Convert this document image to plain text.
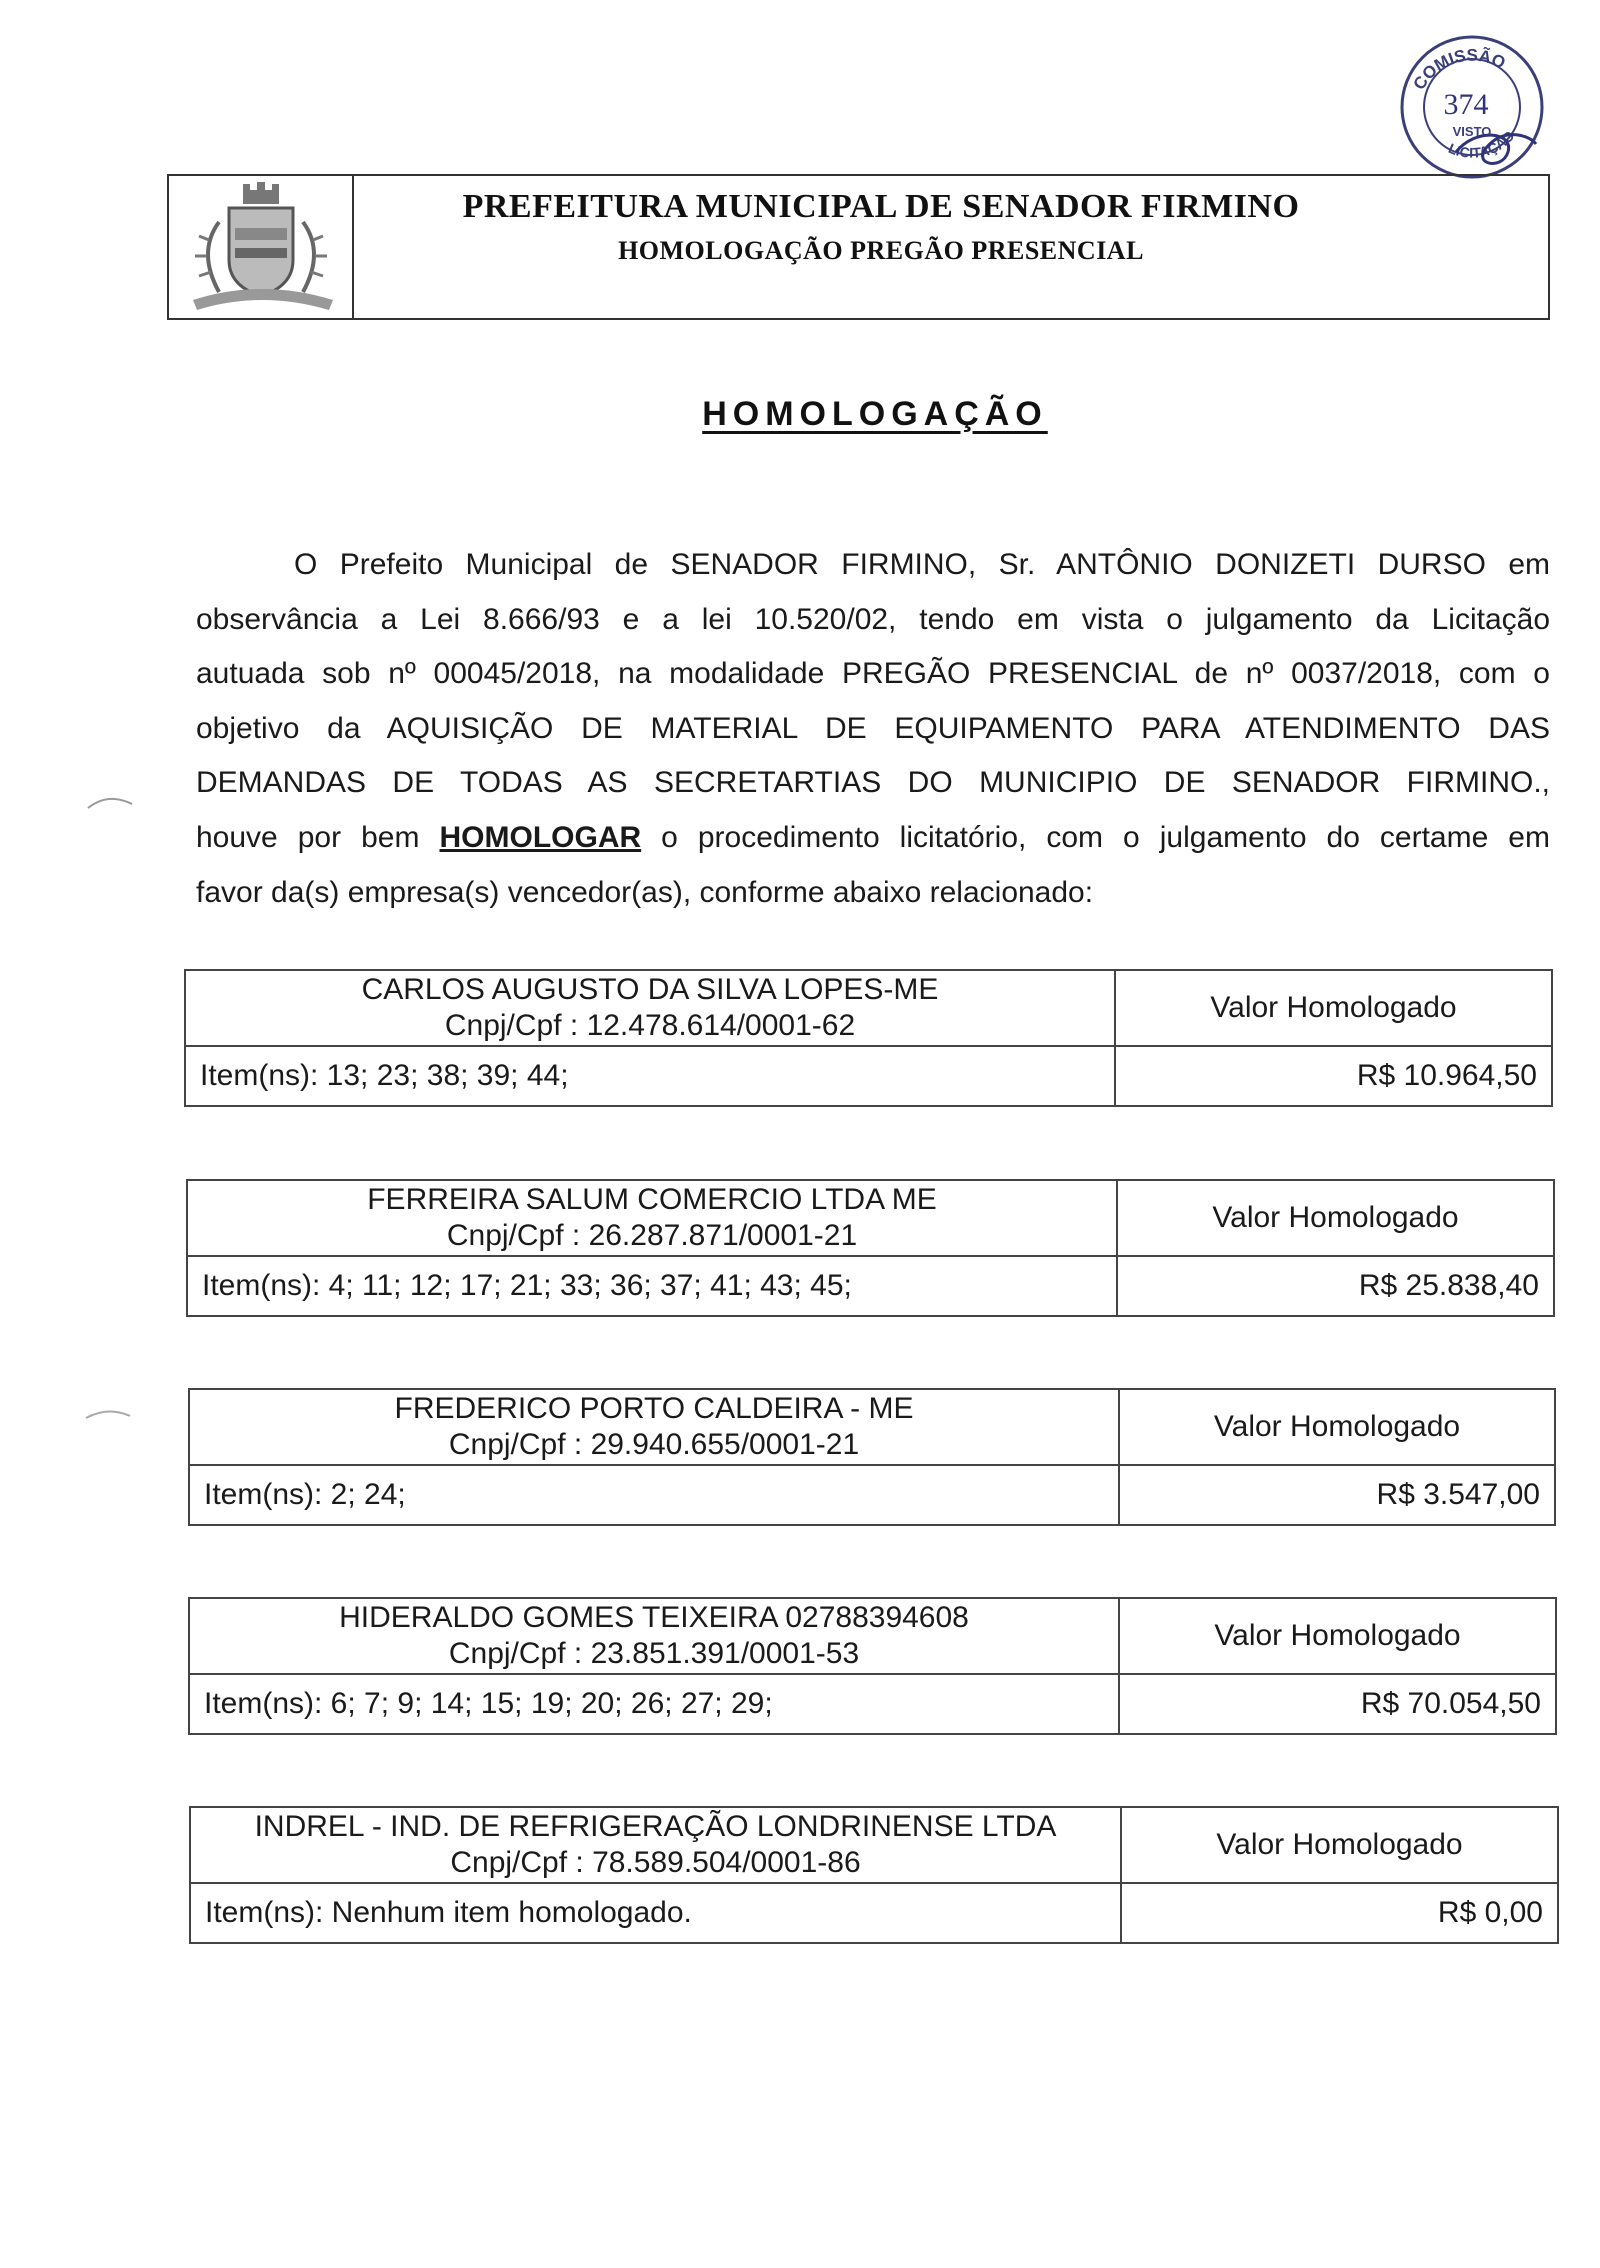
COMISSÃO
LICITAÇÃO
374
VISTO
PREFEITURA MUNICIPAL DE SENADOR FIRMINO
HOMOLOGAÇÃO PREGÃO PRESENCIAL
HOMOLOGAÇÃO
O Prefeito Municipal de SENADOR FIRMINO, Sr. ANTÔNIO DONIZETI DURSO em
observância a Lei 8.666/93 e a lei 10.520/02, tendo em vista o julgamento da Licitação
autuada sob nº 00045/2018, na modalidade PREGÃO PRESENCIAL de nº 0037/2018, com o
objetivo da AQUISIÇÃO DE MATERIAL DE EQUIPAMENTO PARA ATENDIMENTO DAS
DEMANDAS DE TODAS AS SECRETARTIAS DO MUNICIPIO DE SENADOR FIRMINO.,
houve por bem HOMOLOGAR o procedimento licitatório, com o julgamento do certame em
favor da(s) empresa(s) vencedor(as), conforme abaixo relacionado:
CARLOS AUGUSTO DA SILVA LOPES-ME
Cnpj/Cpf : 12.478.614/0001-62	Valor Homologado
Item(ns): 13; 23; 38; 39; 44;	R$ 10.964,50
FERREIRA SALUM COMERCIO LTDA ME
Cnpj/Cpf : 26.287.871/0001-21	Valor Homologado
Item(ns): 4; 11; 12; 17; 21; 33; 36; 37; 41; 43; 45;	R$ 25.838,40
FREDERICO PORTO CALDEIRA - ME
Cnpj/Cpf : 29.940.655/0001-21	Valor Homologado
Item(ns): 2; 24;	R$ 3.547,00
HIDERALDO GOMES TEIXEIRA 02788394608
Cnpj/Cpf : 23.851.391/0001-53	Valor Homologado
Item(ns): 6; 7; 9; 14; 15; 19; 20; 26; 27; 29;	R$ 70.054,50
INDREL - IND. DE REFRIGERAÇÃO LONDRINENSE LTDA
Cnpj/Cpf : 78.589.504/0001-86	Valor Homologado
Item(ns): Nenhum item homologado.	R$ 0,00
